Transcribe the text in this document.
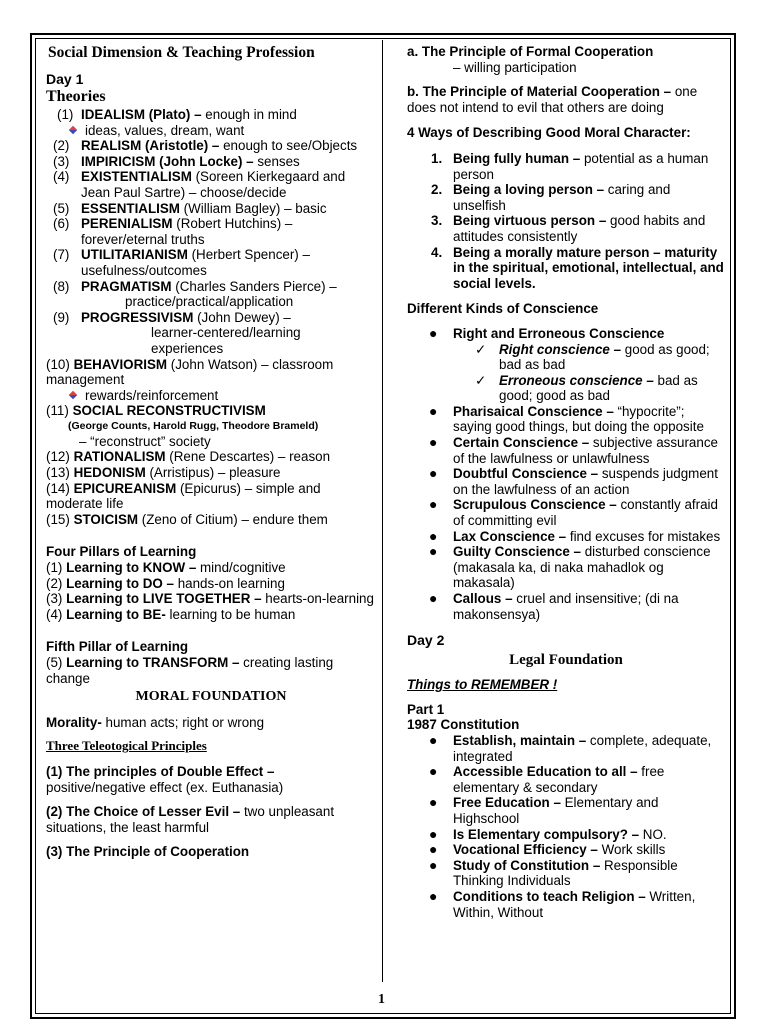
Social Dimension & Teaching Profession
Day 1
Theories
(1) IDEALISM (Plato) – enough in mind
ideas, values, dream, want
(2) REALISM (Aristotle) – enough to see/Objects
(3) IMPIRICISM (John Locke) – senses
(4) EXISTENTIALISM (Soreen Kierkegaard and Jean Paul Sartre) – choose/decide
(5) ESSENTIALISM (William Bagley) – basic
(6) PERENIALISM (Robert Hutchins) – forever/eternal truths
(7) UTILITARIANISM (Herbert Spencer) – usefulness/outcomes
(8) PRAGMATISM (Charles Sanders Pierce) –
practice/practical/application
(9) PROGRESSIVISM (John Dewey) –
learner-centered/learning experiences
(10) BEHAVIORISM (John Watson) – classroom management
rewards/reinforcement
(11) SOCIAL RECONSTRUCTIVISM
(George Counts, Harold Rugg, Theodore Brameld)
– “reconstruct” society
(12) RATIONALISM (Rene Descartes) – reason
(13) HEDONISM (Arristipus) – pleasure
(14) EPICUREANISM (Epicurus) – simple and moderate life
(15) STOICISM (Zeno of Citium) – endure them
Four Pillars of Learning
(1) Learning to KNOW – mind/cognitive
(2) Learning to DO – hands-on learning
(3) Learning to LIVE TOGETHER – hearts-on-learning
(4) Learning to BE- learning to be human
Fifth Pillar of Learning
(5) Learning to TRANSFORM – creating lasting change
MORAL FOUNDATION
Morality- human acts; right or wrong
Three Teleotogical Principles
(1) The principles of Double Effect – positive/negative effect (ex. Euthanasia)
(2) The Choice of Lesser Evil – two unpleasant situations, the least harmful
(3) The Principle of Cooperation
a. The Principle of Formal Cooperation
– willing participation
b. The Principle of Material Cooperation – one does not intend to evil that others are doing
4 Ways of Describing Good Moral Character:
1. Being fully human – potential as a human person
2. Being a loving person – caring and unselfish
3. Being virtuous person – good habits and attitudes consistently
4. Being a morally mature person – maturity in the spiritual, emotional, intellectual, and social levels.
Different Kinds of Conscience
● Right and Erroneous Conscience
✓ Right conscience – good as good; bad as bad
✓ Erroneous conscience – bad as good; good as bad
● Pharisaical Conscience – “hypocrite”; saying good things, but doing the opposite
● Certain Conscience – subjective assurance of the lawfulness or unlawfulness
● Doubtful Conscience – suspends judgment on the lawfulness of an action
● Scrupulous Conscience – constantly afraid of committing evil
● Lax Conscience – find excuses for mistakes
● Guilty Conscience – disturbed conscience (makasala ka, di naka mahadlok og makasala)
● Callous – cruel and insensitive; (di na makonsensya)
Day 2
Legal Foundation
Things to REMEMBER !
Part 1
1987 Constitution
● Establish, maintain – complete, adequate, integrated
● Accessible Education to all – free elementary & secondary
● Free Education – Elementary and Highschool
● Is Elementary compulsory? – NO.
● Vocational Efficiency – Work skills
● Study of Constitution – Responsible Thinking Individuals
● Conditions to teach Religion – Written, Within, Without
1
